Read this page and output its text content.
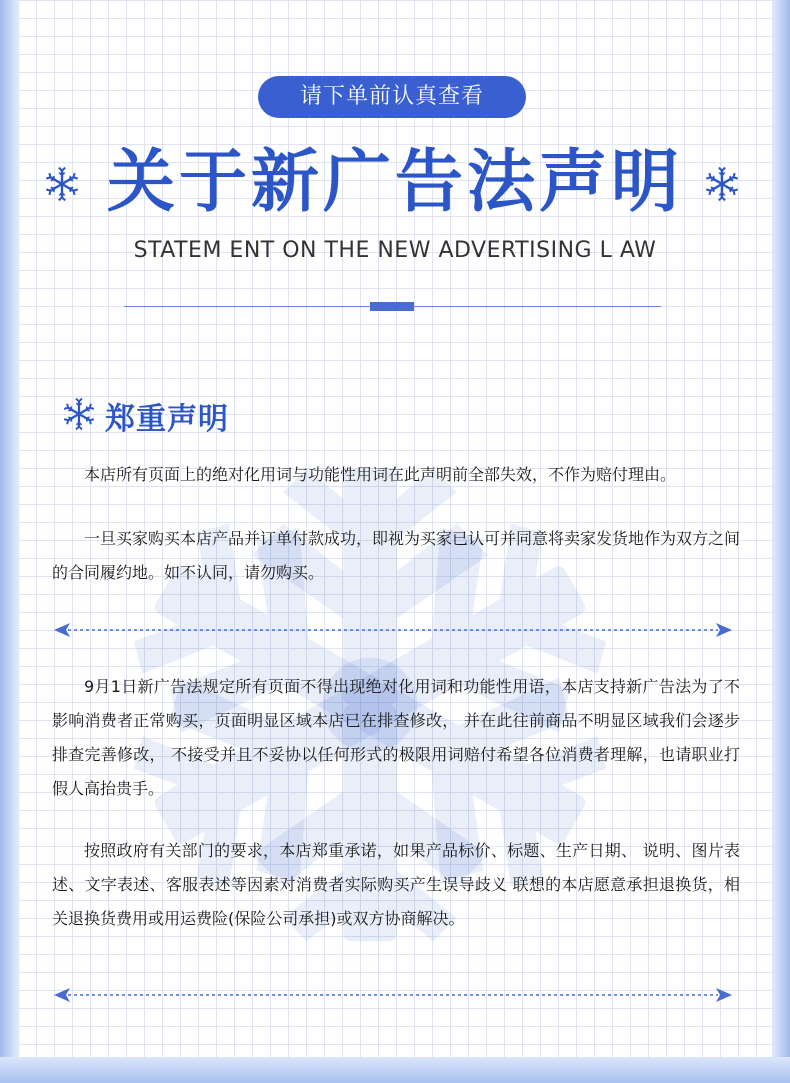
请下单前认真查看
关于新广告法声明
STATEM ENT ON THE NEW ADVERTISING L AW
郑重声明

本店所有页面上的绝对化用词与功能性用词在此声明前全部失效，不作为赔付理由。

一旦买家购买本店产品并订单付款成功，即视为买家已认可并同意将卖家发货地作为双方之间的合同履约地。如不认同，请勿购买。

9月1日新广告法规定所有页面不得出现绝对化用词和功能性用语，本店支持新广告法为了不影响消费者正常购买，页面明显区域本店已在排查修改， 并在此往前商品不明显区域我们会逐步排查完善修改， 不接受并且不妥协以任何形式的极限用词赔付希望各位消费者理解，也请职业打假人高抬贵手。

按照政府有关部门的要求，本店郑重承诺，如果产品标价、标题、生产日期、 说明、图片表述、文字表述、客服表述等因素对消费者实际购买产生误导歧义 联想的本店愿意承担退换货，相关退换货费用或用运费险(保险公司承担)或双方协商解决。
